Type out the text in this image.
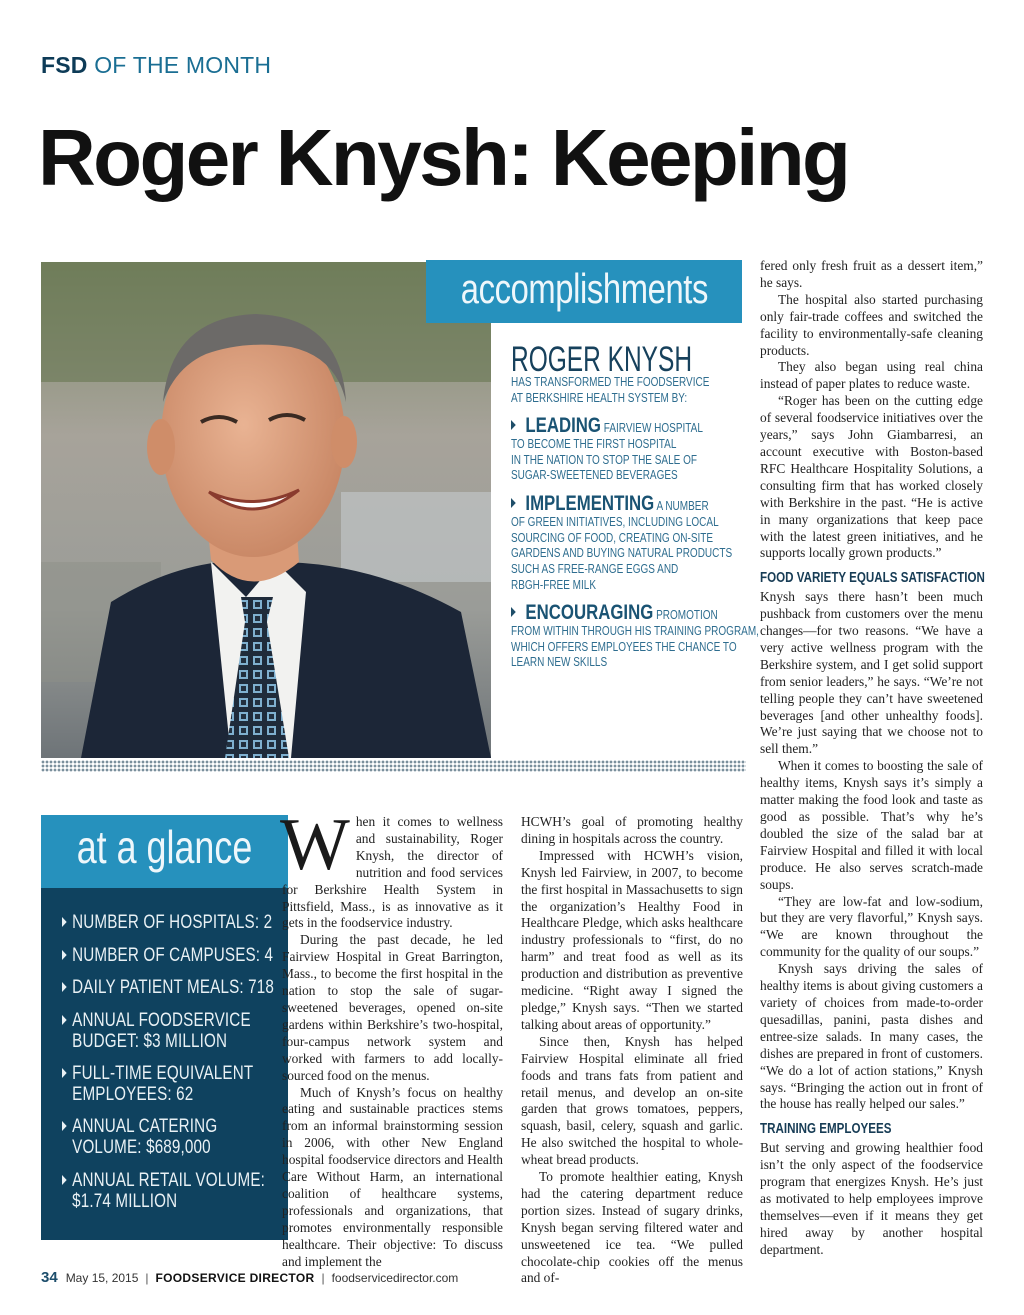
FSD OF THE MONTH
Roger Knysh: Keeping
accomplishments
ROGER KNYSH
HAS TRANSFORMED THE FOODSERVICE
AT BERKSHIRE HEALTH SYSTEM BY:
LEADING FAIRVIEW HOSPITAL
TO BECOME THE FIRST HOSPITAL
IN THE NATION TO STOP THE SALE OF
SUGAR-SWEETENED BEVERAGES
IMPLEMENTING A NUMBER
OF GREEN INITIATIVES, INCLUDING LOCAL
SOURCING OF FOOD, CREATING ON-SITE
GARDENS AND BUYING NATURAL PRODUCTS
SUCH AS FREE-RANGE EGGS AND
RBGH-FREE MILK
ENCOURAGING PROMOTION
FROM WITHIN THROUGH HIS TRAINING PROGRAM,
WHICH OFFERS EMPLOYEES THE CHANCE TO
LEARN NEW SKILLS
at a glance
NUMBER OF HOSPITALS: 2
NUMBER OF CAMPUSES: 4
DAILY PATIENT MEALS: 718
ANNUAL FOODSERVICE
BUDGET: $3 MILLION
FULL-TIME EQUIVALENT
EMPLOYEES: 62
ANNUAL CATERING
VOLUME: $689,000
ANNUAL RETAIL VOLUME:
$1.74 MILLION
W hen it comes to wellness and sustainability, Roger Knysh, the director of nutrition and food services for Berkshire Health System in Pittsfield, Mass., is as innovative as it gets in the foodservice industry.

During the past decade, he led Fairview Hospital in Great Barrington, Mass., to become the first hospital in the nation to stop the sale of sugar-sweetened beverages, opened on-site gardens within Berkshire’s two-hospital, four-campus network system and worked with farmers to add locally-sourced food on the menus.

Much of Knysh’s focus on healthy eating and sustainable practices stems from an informal brainstorming session in 2006, with other New England hospital foodservice directors and Health Care Without Harm, an international coalition of healthcare systems, professionals and organizations, that promotes environmentally responsible healthcare. Their objective: To discuss and implement the

HCWH’s goal of promoting healthy dining in hospitals across the country.

Impressed with HCWH’s vision, Knysh led Fairview, in 2007, to become the first hospital in Massachusetts to sign the organization’s Healthy Food in Healthcare Pledge, which asks healthcare industry professionals to “first, do no harm” and treat food as well as its production and distribution as preventive medicine. “Right away I signed the pledge,” Knysh says. “Then we started talking about areas of opportunity.”

Since then, Knysh has helped Fairview Hospital eliminate all fried foods and trans fats from patient and retail menus, and develop an on-site garden that grows tomatoes, peppers, squash, basil, celery, squash and garlic. He also switched the hospital to whole-wheat bread products.

To promote healthier eating, Knysh had the catering department reduce portion sizes. Instead of sugary drinks, Knysh began serving filtered water and unsweetened ice tea. “We pulled chocolate-chip cookies off the menus and of-

fered only fresh fruit as a dessert item,” he says.

The hospital also started purchasing only fair-trade coffees and switched the facility to environmentally-safe cleaning products.

They also began using real china instead of paper plates to reduce waste.

“Roger has been on the cutting edge of several foodservice initiatives over the years,” says John Giambarresi, an account executive with Boston-based RFC Healthcare Hospitality Solutions, a consulting firm that has worked closely with Berkshire in the past. “He is active in many organizations that keep pace with the latest green initiatives, and he supports locally grown products.”

FOOD VARIETY EQUALS SATISFACTION

Knysh says there hasn’t been much pushback from customers over the menu changes—for two reasons. “We have a very active wellness program with the Berkshire system, and I get solid support from senior leaders,” he says. “We’re not telling people they can’t have sweetened beverages [and other unhealthy foods]. We’re just saying that we choose not to sell them.”

When it comes to boosting the sale of healthy items, Knysh says it’s simply a matter making the food look and taste as good as possible. That’s why he’s doubled the size of the salad bar at Fairview Hospital and filled it with local produce. He also serves scratch-made soups.

“They are low-fat and low-sodium, but they are very flavorful,” Knysh says. “We are known throughout the community for the quality of our soups.”

Knysh says driving the sales of healthy items is about giving customers a variety of choices from made-to-order quesadillas, panini, pasta dishes and entree-size salads. In many cases, the dishes are prepared in front of customers. “We do a lot of action stations,” Knysh says. “Bringing the action out in front of the house has really helped our sales.”

TRAINING EMPLOYEES

But serving and growing healthier food isn’t the only aspect of the foodservice program that energizes Knysh. He’s just as motivated to help employees improve themselves—even if it means they get hired away by another hospital department.

34 May 15, 2015 | FOODSERVICE DIRECTOR | foodservicedirector.com
